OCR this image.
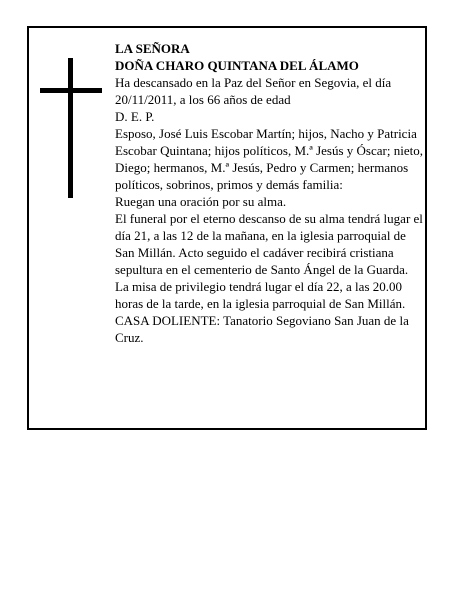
LA SEÑORA

DOÑA CHARO QUINTANA DEL ÁLAMO

Ha descansado en la Paz del Señor en Segovia, el día 20/11/2011, a los 66 años de edad

D. E. P.

Esposo, José Luis Escobar Martín; hijos, Nacho y Patricia Escobar Quintana; hijos políticos, M.ª Jesús y Óscar; nieto, Diego; hermanos, M.ª Jesús, Pedro y Carmen; hermanos políticos, sobrinos, primos y demás familia:

Ruegan una oración por su alma.

El funeral por el eterno descanso de su alma tendrá lugar el día 21, a las 12 de la mañana, en la iglesia parroquial de San Millán. Acto seguido el cadáver recibirá cristiana sepultura en el cementerio de Santo Ángel de la Guarda.

La misa de privilegio tendrá lugar el día 22, a las 20.00 horas de la tarde, en la iglesia parroquial de San Millán.

CASA DOLIENTE: Tanatorio Segoviano San Juan de la Cruz.
